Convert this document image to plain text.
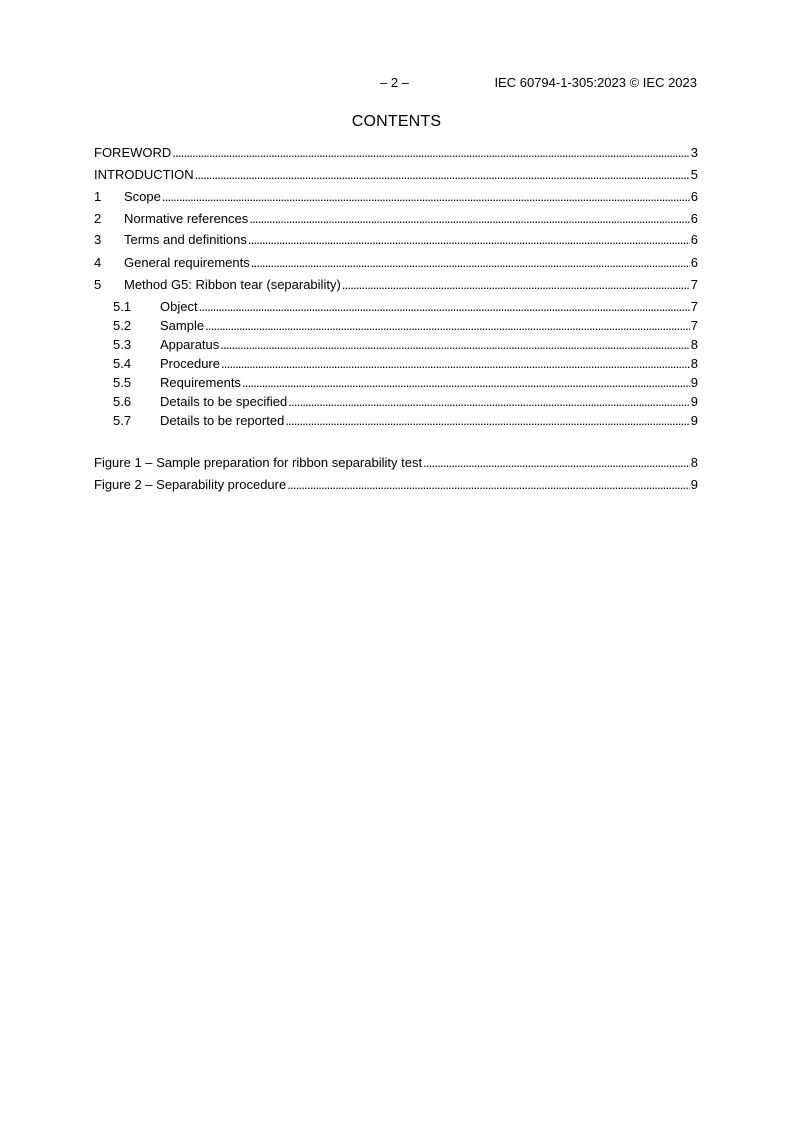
– 2 –	IEC 60794-1-305:2023 © IEC 2023
CONTENTS
FOREWORD . . .	3
INTRODUCTION . . .	5
1	Scope . . .	6
2	Normative references . . .	6
3	Terms and definitions . . .	6
4	General requirements . . .	6
5	Method G5: Ribbon tear (separability) . . .	7
5.1	Object . . .	7
5.2	Sample . . .	7
5.3	Apparatus . . .	8
5.4	Procedure . . .	8
5.5	Requirements . . .	9
5.6	Details to be specified . . .	9
5.7	Details to be reported . . .	9
Figure 1 – Sample preparation for ribbon separability test . . .	8
Figure 2 – Separability procedure . . .	9
